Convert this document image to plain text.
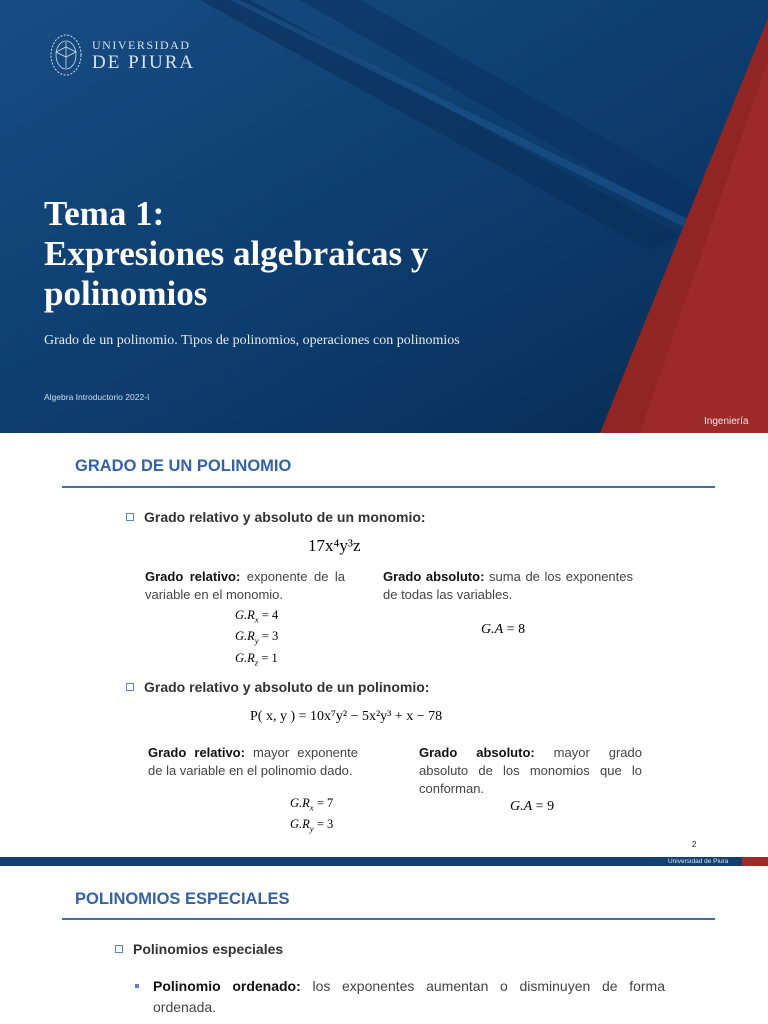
UNIVERSIDAD
DE PIURA
Tema 1:
Expresiones algebraicas y
polinomios

Grado de un polinomio. Tipos de polinomios, operaciones con polinomios

Algebra Introductorio 2022-I

Ingeniería
GRADO DE UN POLINOMIO
Grado relativo y absoluto de un monomio:
17x⁴y³z
Grado relativo: exponente de la variable en el monomio.
Grado absoluto: suma de los exponentes de todas las variables.
$G.R_x = 4$
$G.R_y = 3$
$G.R_z = 1$
G.A = 8
Grado relativo y absoluto de un polinomio:
P( x, y ) = 10x⁷y² − 5x²y³ + x − 78
Grado relativo: mayor exponente de la variable en el polinomio dado.
Grado absoluto: mayor grado absoluto de los monomios que lo conforman.
$G.R_x = 7$
$G.R_y = 3$
G.A = 9
2
Universidad de Piura
POLINOMIOS ESPECIALES
Polinomios especiales
Polinomio ordenado: los exponentes aumentan o disminuyen de forma ordenada.
